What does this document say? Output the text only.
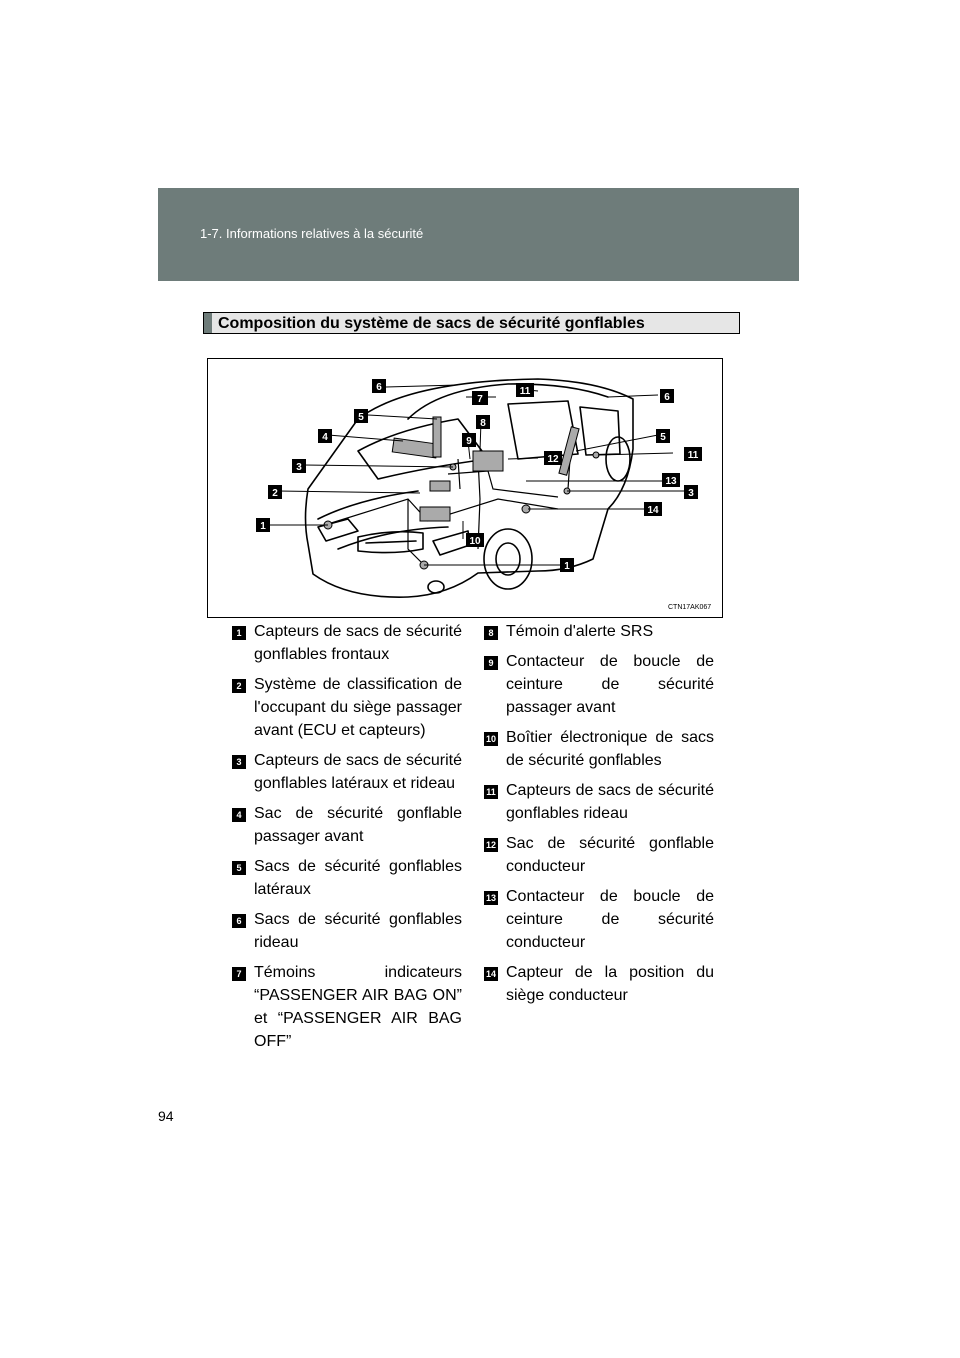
1-7. Informations relatives à la sécurité
Composition du système de sacs de sécurité gonflables
1
1
2
3
3
4
5
5
6
6
7
8
9
10
11
11
12
13
14
CTN17AK067
1 Capteurs de sacs de sécurité gonflables frontaux
2 Système de classification de l'occupant du siège passager avant (ECU et capteurs)
3 Capteurs de sacs de sécurité gonflables latéraux et rideau
4 Sac de sécurité gonflable passager avant
5 Sacs de sécurité gonflables latéraux
6 Sacs de sécurité gonflables rideau
7 Témoins indicateurs “PASSENGER AIR BAG ON” et “PASSENGER AIR BAG OFF”
8 Témoin d'alerte SRS
9 Contacteur de boucle de ceinture de sécurité passager avant
10 Boîtier électronique de sacs de sécurité gonflables
11 Capteurs de sacs de sécurité gonflables rideau
12 Sac de sécurité gonflable conducteur
13 Contacteur de boucle de ceinture de sécurité conducteur
14 Capteur de la position du siège conducteur
94
